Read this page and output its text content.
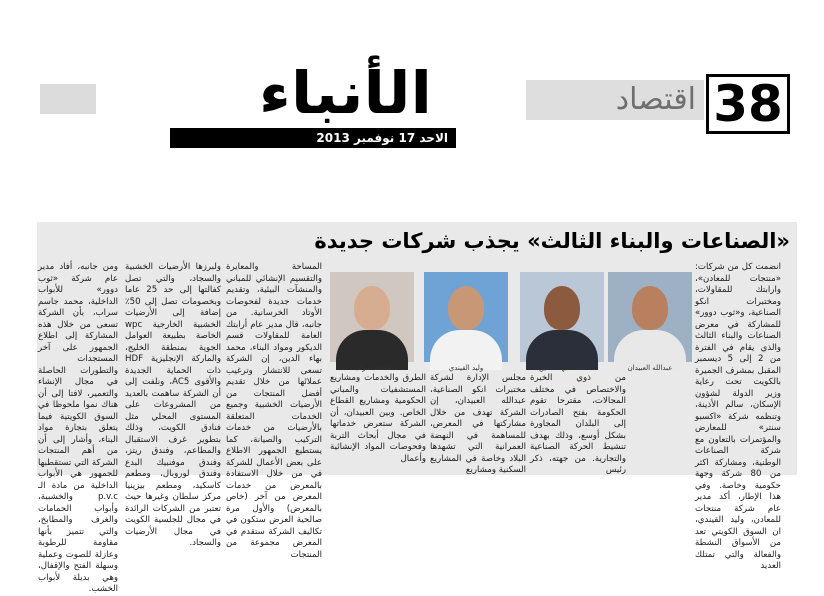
الأنباء
الاحد 17 نوفمبر 2013
اقتصاد 38
«الصناعات والبناء الثالث» يجذب شركات جديدة
انضمت كل من شركات: «منتجات للمعادن»، وارابتك للمقاولات، ومختبرات انكو الصناعية، و«ثوب دوور» للمشاركة في معرض الصناعات والبناء الثالث والذي يقام في الفترة من 2 إلى 5 ديسمبر المقبل بمشرف الجميرة بالكويت تحت رعاية وزير الدولة لشؤون الإسكان، سالم الأذينة، وتنظمه شركة «اكسبو سنتر» للمعارض والمؤتمرات بالتعاون مع شركة الصناعات الوطنية، ومشاركة اكثر من 80 شركة وجهة حكومية وخاصة. وفي هذا الإطار، أكد مدير عام شركة منتجات للمعادن، وليد القيندي، ان السوق الكويتي تعد من الأسواق النشطة والفعالة والتي تمتلك العديد
ومن جانبه، أفاد مدير عام شركة «ثوب دوور» للأبواب الداخلية، محمد جاسم سراب، بأن الشركة تسعى من خلال هذه المشاركة إلى اطلاع الجمهور على آخر المستجدات والتطورات الحاصلة في مجال الإنشاء والتعمير، لافتا إلى أن هناك نموا ملحوظا في السوق الكويتية فيما يتعلق بتجارة مواد البناء، وأشار إلى أن من أهم المنتجات الشركة التي تستقطبها للجمهور هي الأبواب الداخلية من مادة الـ p.v.c والخشبية، وأبواب الحمامات والغرف والمطابخ، والتي تتميز بأنها مقاومة للرطوبة وعازلة للصوت وعملية وسهلة الفتح والإقفال، وهي بديلة لأبواب الخشب.
ولبرزها الأرضيات الخشبية والسجاد، والتي تصل كفالتها إلى حد 25 عاما وبخصومات تصل إلى 50٪ إضافة إلى الأرضيات الخشبية الخارجية wpc الخاصة بطبيعة العوامل الجوية بمنطقة الخليج، والماركة الإنجليزية HDF ذات الحماية الجديدة والأقوى AC5، ونلفت إلى أن الشركة ساهمت بالعديد من المشروعات على المستوى المحلي مثل فنادق الكويت، وذلك بتطوير غرف الاستقبال والمطاعم، وفندق ريتز، وفندق موفنبيك البدع وفندق لوروبال، ومطعم كاسكيد، ومطعم بيزينيا مركز سلطان وغيرها حيث تعتبر من الشركات الرائدة في مجال للجلسية الكويت في مجال الأرضيات والسجاد.
المساحة والمعايرة والتقسيم الإنشائي للمباني والمنشآت البيئية، وتقديم خدمات جديدة لفحوصات الأوتاد الخرسانية. من جانبه، قال مدير عام أرابتك العامة للمقاولات قسم الديكور ومواد البناء، محمد بهاء الدين، إن الشركة تسعى للانتشار وترغيب عملائها من خلال تقديم أفضل المنتجات من الأرضيات الخشبية وجميع الخدمات المتعلقة بالأرضيات من خدمات التركيب والصيانة، كما يستطيع الجمهور الاطلاع على بعض الأعمال للشركة في من خلال الاستفادة بالمعرض من خدمات المعرض من آخر (خاص بالمعرض) والأول مرة صالحية العرض ستكون في تكاليف الشركة ستقدم في المعرض مجموعة من المنتجات
عبدالله العبيدان
محمد بهاء الدين
وليد القيندي
محمد سراب
من ذوي الخبرة والاختصاص في مختلف المجالات، مقترحا تقوم الحكومة بفتح الصادرات إلى البلدان المجاورة بشكل أوسع، وذلك بهدف تنشيط الحركة الصناعية والتجارية. من جهته، ذكر رئيس
مجلس الإدارة لشركة مختبرات انكو الصناعية، عبدالله العبيدان، إن الشركة تهدف من خلال مشاركتها في المعرض، للمساهمة في النهضة العمرانية التي تشهدها البلاد وخاصة في المشاريع السكنية ومشاريع
الطرق والخدمات ومشاريع المستشفيات والمباني الحكومية ومشاريع القطاع الخاص. وبين العبيدان، أن الشركة ستعرض خدماتها في مجال أبحاث التربة وفحوصات المواد الإنشائية وأعمال
